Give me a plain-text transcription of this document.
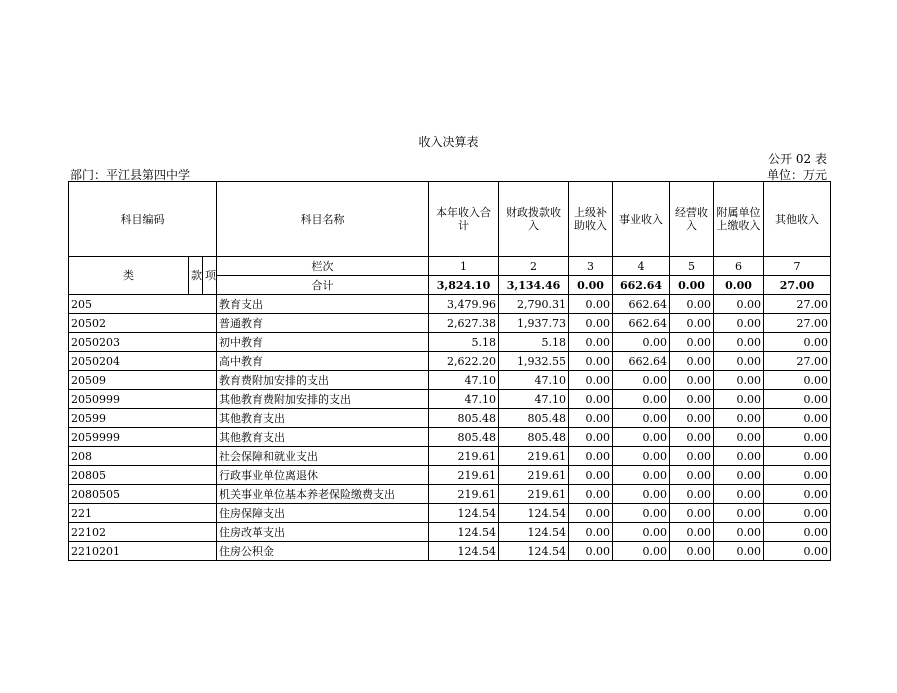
收入决算表
公开 02 表
部门：平江县第四中学	单位：万元
科目编码			科目名称	本年收入合计	财政拨款收入	上级补助收入	事业收入	经营收入	附属单位上缴收入	其他收入
类	款	项	栏次	1	2	3	4	5	6	7
			合计	3,824.10	3,134.46	0.00	662.64	0.00	0.00	27.00
205			教育支出	3,479.96	2,790.31	0.00	662.64	0.00	0.00	27.00
20502			普通教育	2,627.38	1,937.73	0.00	662.64	0.00	0.00	27.00
2050203			初中教育	5.18	5.18	0.00	0.00	0.00	0.00	0.00
2050204			高中教育	2,622.20	1,932.55	0.00	662.64	0.00	0.00	27.00
20509			教育费附加安排的支出	47.10	47.10	0.00	0.00	0.00	0.00	0.00
2050999			其他教育费附加安排的支出	47.10	47.10	0.00	0.00	0.00	0.00	0.00
20599			其他教育支出	805.48	805.48	0.00	0.00	0.00	0.00	0.00
2059999			其他教育支出	805.48	805.48	0.00	0.00	0.00	0.00	0.00
208			社会保障和就业支出	219.61	219.61	0.00	0.00	0.00	0.00	0.00
20805			行政事业单位离退休	219.61	219.61	0.00	0.00	0.00	0.00	0.00
2080505			机关事业单位基本养老保险缴费支出	219.61	219.61	0.00	0.00	0.00	0.00	0.00
221			住房保障支出	124.54	124.54	0.00	0.00	0.00	0.00	0.00
22102			住房改革支出	124.54	124.54	0.00	0.00	0.00	0.00	0.00
2210201			住房公积金	124.54	124.54	0.00	0.00	0.00	0.00	0.00
